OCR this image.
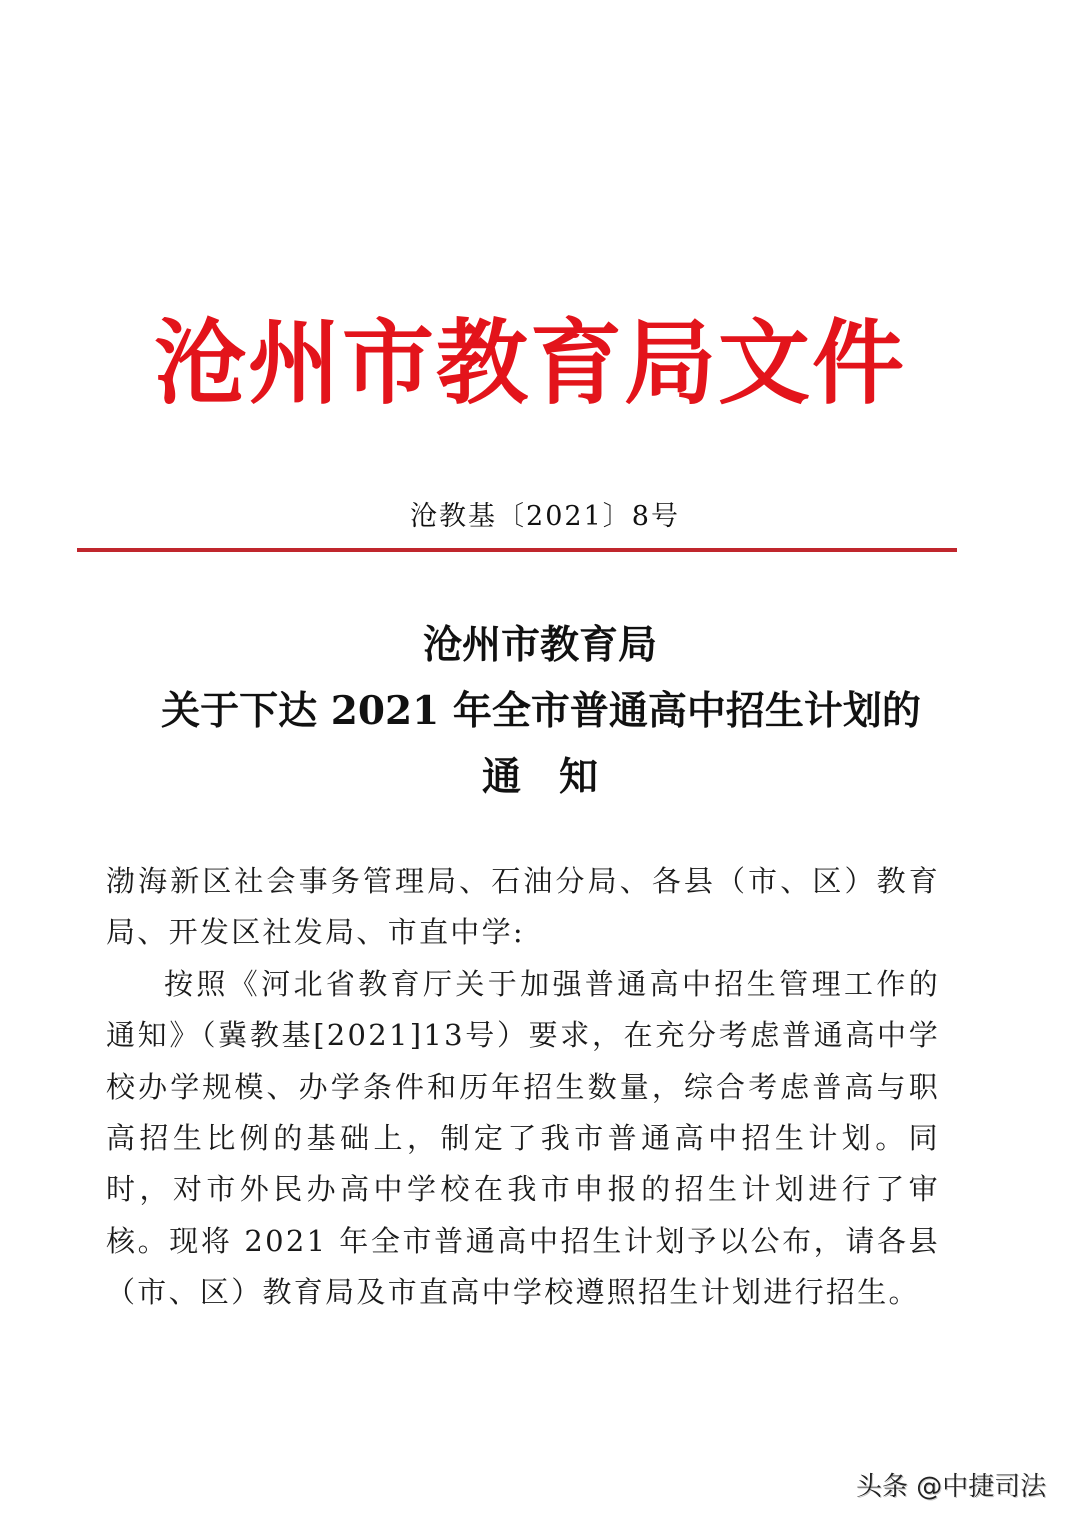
沧州市教育局文件
沧教基〔2021〕8号
沧州市教育局
关于下达 2021 年全市普通高中招生计划的
通知

渤海新区社会事务管理局、石油分局、各县（市、区）教育局、开发区社发局、市直中学:

按照《河北省教育厅关于加强普通高中招生管理工作的通知》（冀教基[2021]13号）要求，在充分考虑普通高中学校办学规模、办学条件和历年招生数量，综合考虑普高与职高招生比例的基础上，制定了我市普通高中招生计划。同时，对市外民办高中学校在我市申报的招生计划进行了审核。现将 2021 年全市普通高中招生计划予以公布，请各县（市、区）教育局及市直高中学校遵照招生计划进行招生。

头条 @中捷司法
